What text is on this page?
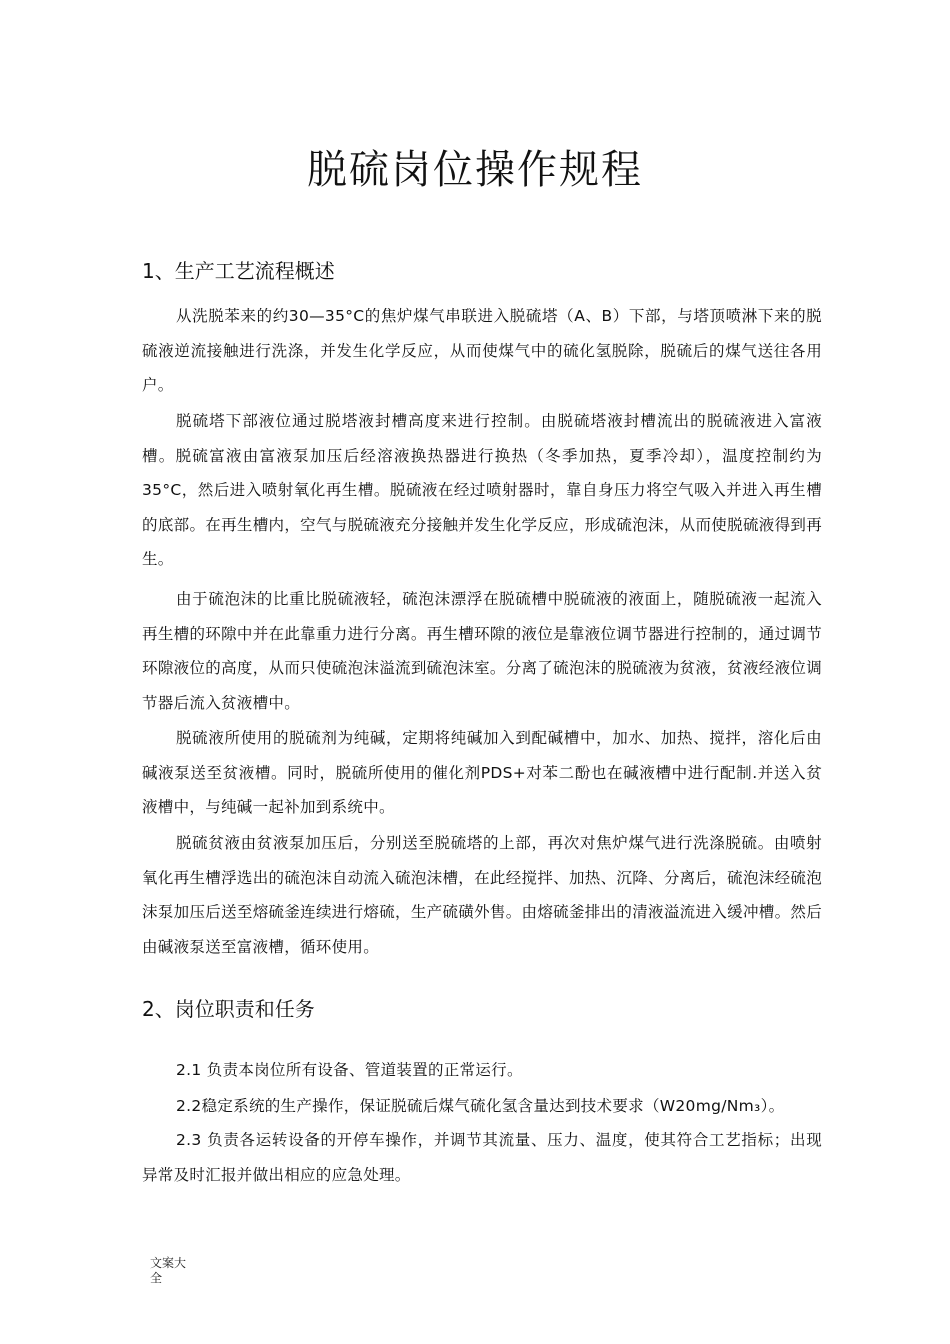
脱硫岗位操作规程
1、生产工艺流程概述

从洗脱苯来的约30—35°C的焦炉煤气串联进入脱硫塔（A、B）下部，与塔顶喷淋下来的脱硫液逆流接触进行洗涤，并发生化学反应，从而使煤气中的硫化氢脱除，脱硫后的煤气送往各用户。

脱硫塔下部液位通过脱塔液封槽高度来进行控制。由脱硫塔液封槽流出的脱硫液进入富液槽。脱硫富液由富液泵加压后经溶液换热器进行换热（冬季加热，夏季冷却），温度控制约为35°C，然后进入喷射氧化再生槽。脱硫液在经过喷射器时，靠自身压力将空气吸入并进入再生槽的底部。在再生槽内，空气与脱硫液充分接触并发生化学反应，形成硫泡沫，从而使脱硫液得到再生。

由于硫泡沫的比重比脱硫液轻，硫泡沫漂浮在脱硫槽中脱硫液的液面上，随脱硫液一起流入再生槽的环隙中并在此靠重力进行分离。再生槽环隙的液位是靠液位调节器进行控制的，通过调节环隙液位的高度，从而只使硫泡沫溢流到硫泡沫室。分离了硫泡沫的脱硫液为贫液，贫液经液位调节器后流入贫液槽中。

脱硫液所使用的脱硫剂为纯碱，定期将纯碱加入到配碱槽中，加水、加热、搅拌，溶化后由碱液泵送至贫液槽。同时，脱硫所使用的催化剂PDS+对苯二酚也在碱液槽中进行配制.并送入贫液槽中，与纯碱一起补加到系统中。

脱硫贫液由贫液泵加压后，分别送至脱硫塔的上部，再次对焦炉煤气进行洗涤脱硫。由喷射氧化再生槽浮选出的硫泡沫自动流入硫泡沫槽，在此经搅拌、加热、沉降、分离后，硫泡沫经硫泡沫泵加压后送至熔硫釜连续进行熔硫，生产硫磺外售。由熔硫釜排出的清液溢流进入缓冲槽。然后由碱液泵送至富液槽，循环使用。

2、岗位职责和任务

2.1 负责本岗位所有设备、管道装置的正常运行。

2.2稳定系统的生产操作，保证脱硫后煤气硫化氢含量达到技术要求（W20mg/Nm₃）。

2.3 负责各运转设备的开停车操作，并调节其流量、压力、温度，使其符合工艺指标；出现异常及时汇报并做出相应的应急处理。

文案大
全
